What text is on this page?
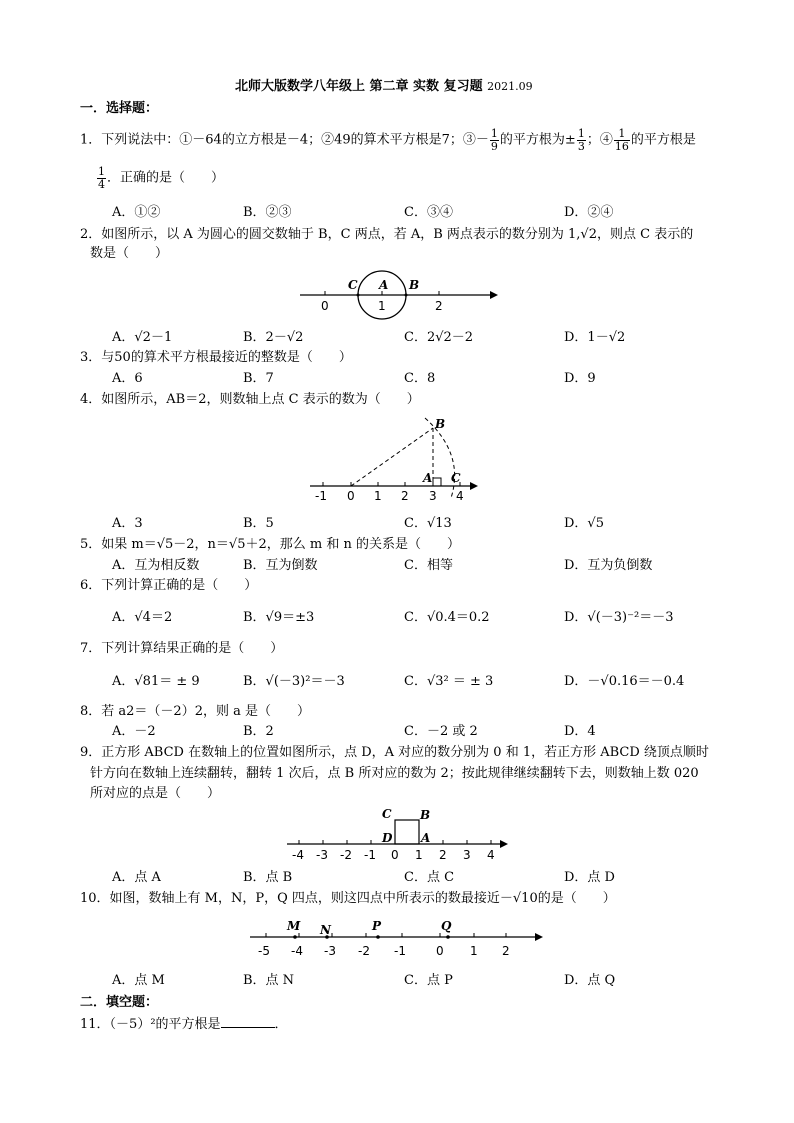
北师大版数学八年级上 第二章 实数 复习题 2021.09
一．选择题：
1．下列说法中：①－64的立方根是－4；②49的算术平方根是7；③－ $\frac{1}{9}$ 的平方根为± $\frac{1}{3}$ ；④ $\frac{1}{16}$ 的平方根是
$\frac{1}{4}$ ．正确的是（　　）
A．①②	B．②③	C．③④	D．②④
2．如图所示，以 A 为圆心的圆交数轴于 B，C 两点，若 A，B 两点表示的数分别为 1,√2，则点 C 表示的
数是（　　）
0	1	2
C A B
A．√2－1	B．2－√2	C．2√2－2	D．1－√2
3．与50的算术平方根最接近的整数是（　　）
A．6	B．7	C．8	D．9
4．如图所示，AB＝2，则数轴上点 C 表示的数为（　　）
-1 0 1 2 3 4
B
A C
A．3	B．5	C．√13	D．√5
5．如果 m＝√5－2，n＝√5＋2，那么 m 和 n 的关系是（　　）
A．互为相反数	B．互为倒数	C．相等	D．互为负倒数
6．下列计算正确的是（　　）
A．√4＝2	B．√9＝±3	C．√0.4＝0.2	D．√(－3)⁻²＝－3
7．下列计算结果正确的是（　　）
A．√81＝ ± 9	B．√(－3)²＝－3	C．√3² ＝ ± 3	D．－√0.16＝－0.4
8．若 a2＝（－2）2，则 a 是（　　）
A．－2	B．2	C．－2 或 2	D．4
9．正方形 ABCD 在数轴上的位置如图所示，点 D，A 对应的数分别为 0 和 1，若正方形 ABCD 绕顶点顺时
针方向在数轴上连续翻转，翻转 1 次后，点 B 所对应的数为 2；按此规律继续翻转下去，则数轴上数 020
所对应的点是（　　）
-4 -3 -2 -1 0 1 2 3 4
C B
D A
A．点 A	B．点 B	C．点 C	D．点 D
10．如图，数轴上有 M，N，P，Q 四点，则这四点中所表示的数最接近－√10的是（　　）
-5 -4 -3 -2 -1	0 1 2
M N	P	Q
A．点 M	B．点 N	C．点 P	D．点 Q
二．填空题：
11．（－5）²的平方根是	．
